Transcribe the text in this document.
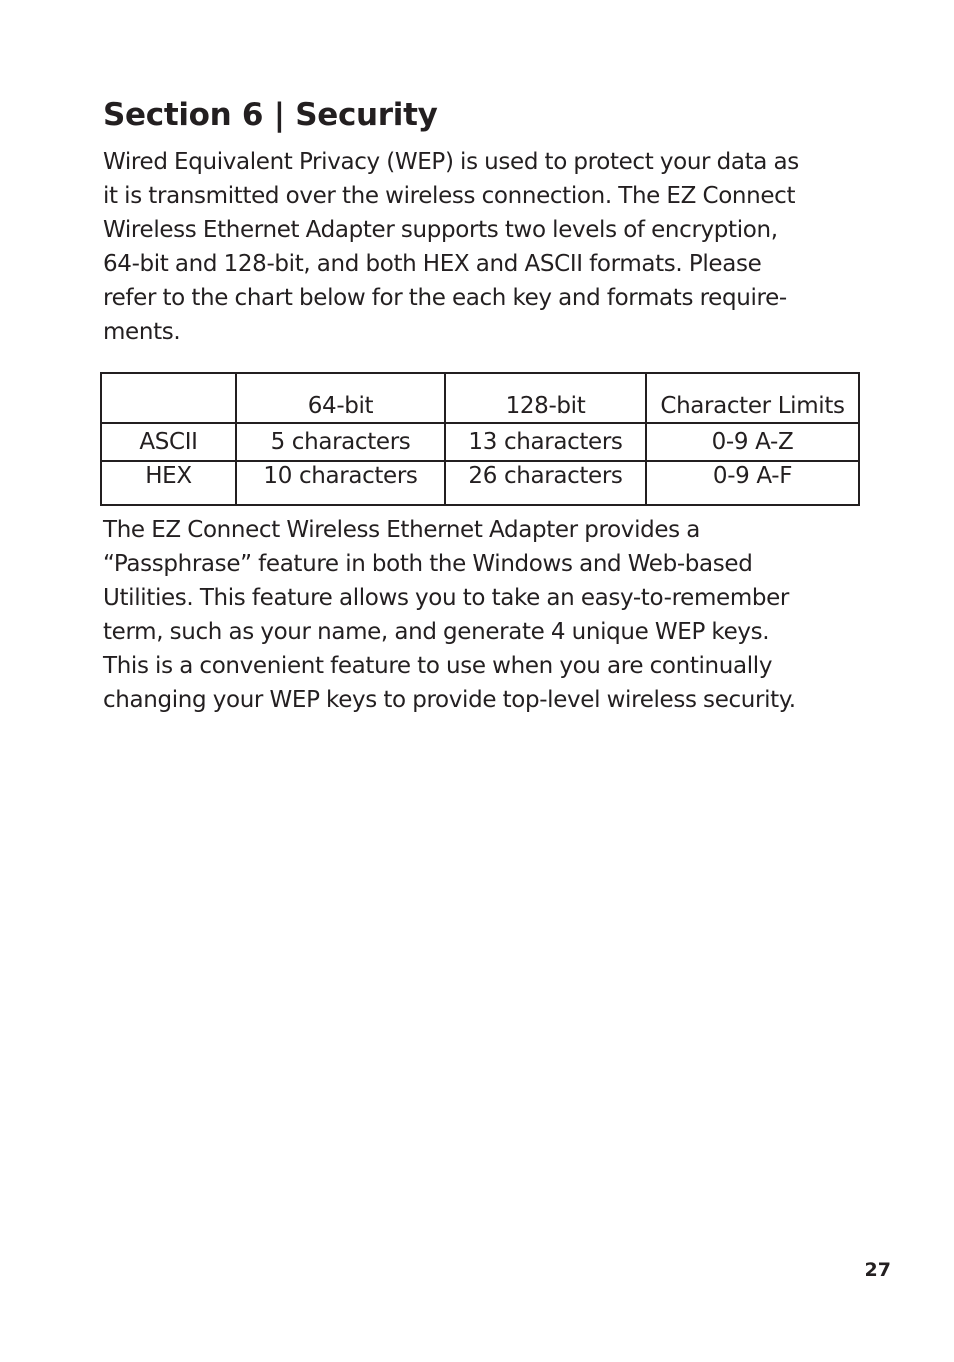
Section 6 | Security

Wired Equivalent Privacy (WEP) is used to protect your data as
it is transmitted over the wireless connection. The EZ Connect
Wireless Ethernet Adapter supports two levels of encryption,
64-bit and 128-bit, and both HEX and ASCII formats. Please
refer to the chart below for the each key and formats require-
ments.

	64-bit	128-bit	Character Limits
ASCII	5 characters	13 characters	0-9 A-Z
HEX	10 characters	26 characters	0-9 A-F

The EZ Connect Wireless Ethernet Adapter provides a
“Passphrase” feature in both the Windows and Web-based
Utilities. This feature allows you to take an easy-to-remember
term, such as your name, and generate 4 unique WEP keys.
This is a convenient feature to use when you are continually
changing your WEP keys to provide top-level wireless security.

27
